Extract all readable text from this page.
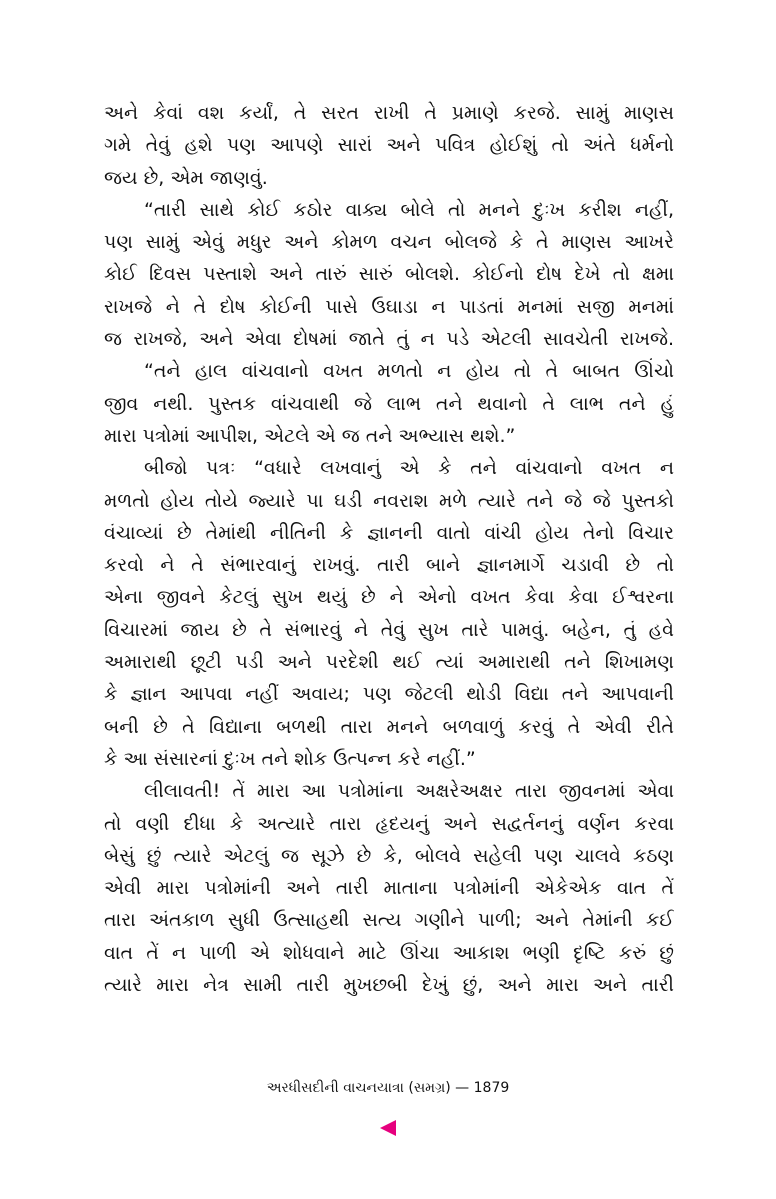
અને કેવાં વશ કર્યાં, તે સરત રાખી તે પ્રમાણે કરજે. સામું માણસ
ગમે તેવું હશે પણ આપણે સારાં અને પવિત્ર હોઈશું તો અંતે ધર્મનો
જય છે, એમ જાણવું.
“તારી સાથે કોઈ કઠોર વાક્ય બોલે તો મનને દુઃખ કરીશ નહીં,
પણ સામું એવું મધુર અને કોમળ વચન બોલજે કે તે માણસ આખરે
કોઈ દિવસ પસ્તાશે અને તારું સારું બોલશે. કોઈનો દોષ દેખે તો ક્ષમા
રાખજે ને તે દોષ કોઈની પાસે ઉઘાડા ન પાડતાં મનમાં સજી મનમાં
જ રાખજે, અને એવા દોષમાં જાતે તું ન પડે એટલી સાવચેતી રાખજે.
“તને હાલ વાંચવાનો વખત મળતો ન હોય તો તે બાબત ઊંચો
જીવ નથી. પુસ્તક વાંચવાથી જે લાભ તને થવાનો તે લાભ તને હું
મારા પત્રોમાં આપીશ, એટલે એ જ તને અભ્યાસ થશે.”
બીજો પત્રઃ “વધારે લખવાનું એ કે તને વાંચવાનો વખત ન
મળતો હોય તોયે જ્યારે પા ઘડી નવરાશ મળે ત્યારે તને જે જે પુસ્તકો
વંચાવ્યાં છે તેમાંથી નીતિની કે જ્ઞાનની વાતો વાંચી હોય તેનો વિચાર
કરવો ને તે સંભારવાનું રાખવું. તારી બાને જ્ઞાનમાર્ગે ચડાવી છે તો
એના જીવને કેટલું સુખ થયું છે ને એનો વખત કેવા કેવા ઈશ્વરના
વિચારમાં જાય છે તે સંભારવું ને તેવું સુખ તારે પામવું. બહેન, તું હવે
અમારાથી છૂટી પડી અને પરદેશી થઈ ત્યાં અમારાથી તને શિખામણ
કે જ્ઞાન આપવા નહીં અવાય; પણ જેટલી થોડી વિદ્યા તને આપવાની
બની છે તે વિદ્યાના બળથી તારા મનને બળવાળું કરવું તે એવી રીતે
કે આ સંસારનાં દુઃખ તને શોક ઉત્પન્ન કરે નહીં.”
લીલાવતી! તેં મારા આ પત્રોમાંના અક્ષરેઅક્ષર તારા જીવનમાં એવા
તો વણી દીધા કે અત્યારે તારા હૃદયનું અને સદ્વર્તનનું વર્ણન કરવા
બેસું છું ત્યારે એટલું જ સૂઝે છે કે, બોલવે સહેલી પણ ચાલવે કઠણ
એવી મારા પત્રોમાંની અને તારી માતાના પત્રોમાંની એકેએક વાત તેં
તારા અંતકાળ સુધી ઉત્સાહથી સત્ય ગણીને પાળી; અને તેમાંની કઈ
વાત તેં ન પાળી એ શોધવાને માટે ઊંચા આકાશ ભણી દૃષ્ટિ કરું છું
ત્યારે મારા નેત્ર સામી તારી મુખછબી દેખું છું, અને મારા અને તારી
અરધીસદીની વાચનયાત્રા (સમગ્ર) — 1879
